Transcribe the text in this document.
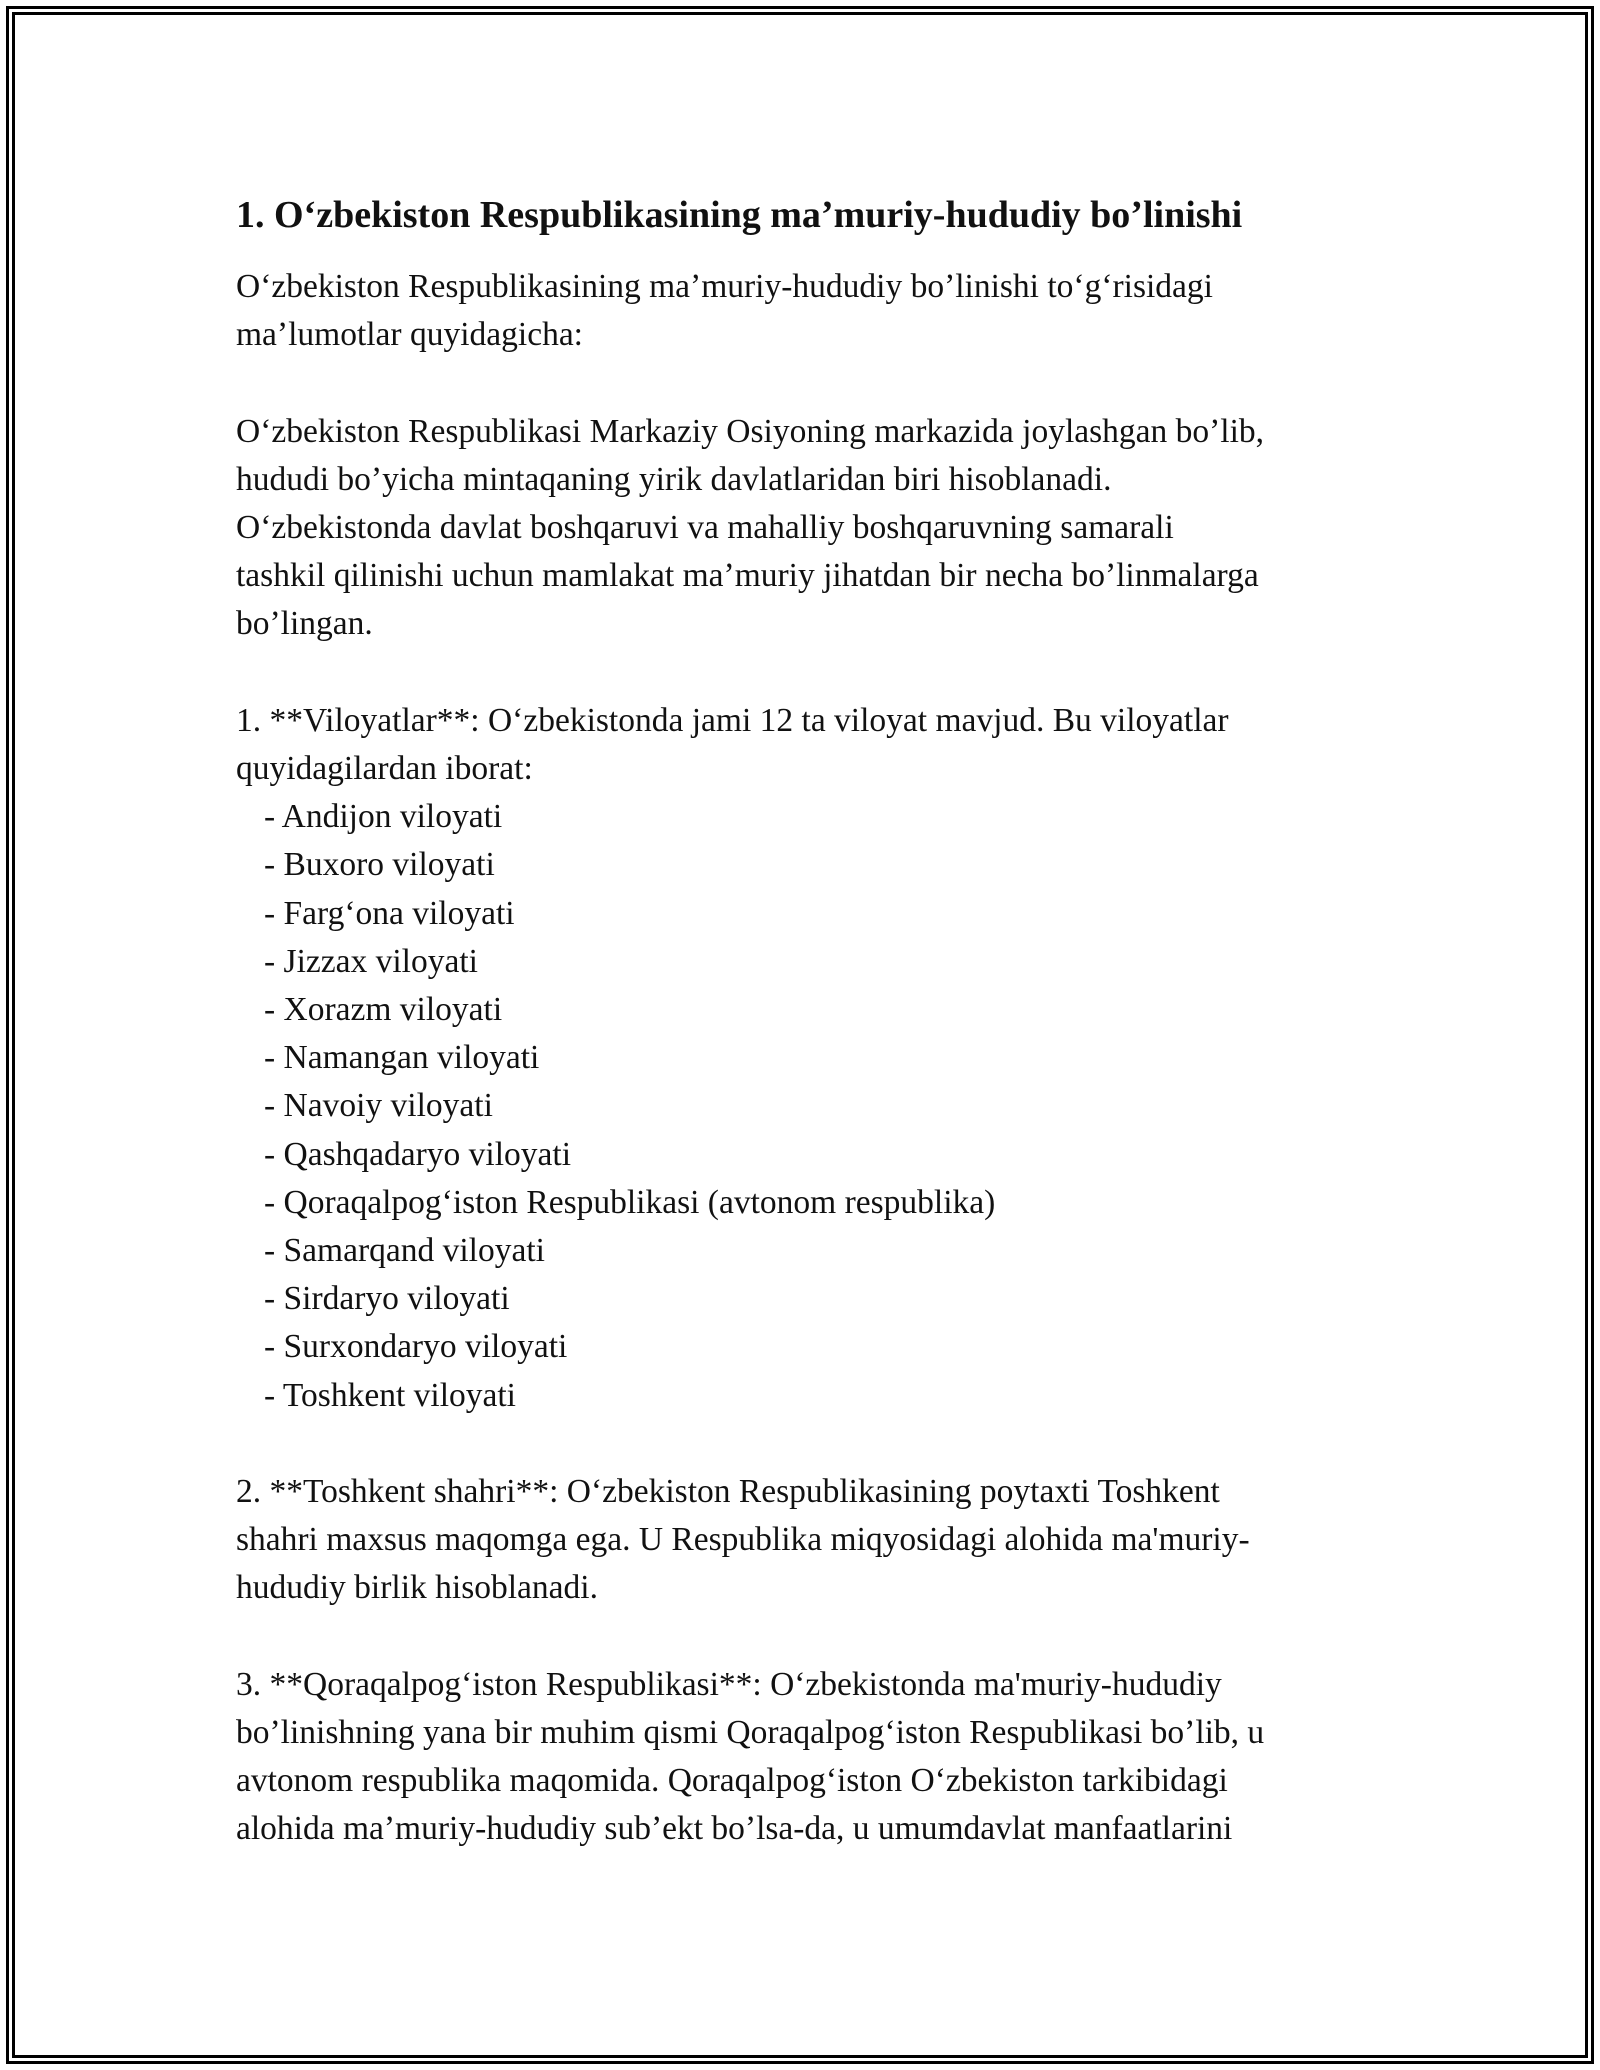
1. Oʻzbekiston Respublikasining maʼmuriy-hududiy boʼlinishi
Oʻzbekiston Respublikasining maʼmuriy-hududiy boʼlinishi toʻgʻrisidagi
maʼlumotlar quyidagicha:
Oʻzbekiston Respublikasi Markaziy Osiyoning markazida joylashgan boʼlib,
hududi boʼyicha mintaqaning yirik davlatlaridan biri hisoblanadi.
Oʻzbekistonda davlat boshqaruvi va mahalliy boshqaruvning samarali
tashkil qilinishi uchun mamlakat maʼmuriy jihatdan bir necha boʼlinmalarga
boʼlingan.
1. **Viloyatlar**: Oʻzbekistonda jami 12 ta viloyat mavjud. Bu viloyatlar
quyidagilardan iborat:
- Andijon viloyati
- Buxoro viloyati
- Fargʻona viloyati
- Jizzax viloyati
- Xorazm viloyati
- Namangan viloyati
- Navoiy viloyati
- Qashqadaryo viloyati
- Qoraqalpogʻiston Respublikasi (avtonom respublika)
- Samarqand viloyati
- Sirdaryo viloyati
- Surxondaryo viloyati
- Toshkent viloyati
2. **Toshkent shahri**: Oʻzbekiston Respublikasining poytaxti Toshkent
shahri maxsus maqomga ega. U Respublika miqyosidagi alohida ma'muriy-
hududiy birlik hisoblanadi.
3. **Qoraqalpogʻiston Respublikasi**: Oʻzbekistonda ma'muriy-hududiy
boʼlinishning yana bir muhim qismi Qoraqalpogʻiston Respublikasi boʼlib, u
avtonom respublika maqomida. Qoraqalpogʻiston Oʻzbekiston tarkibidagi
alohida maʼmuriy-hududiy subʼekt boʼlsa-da, u umumdavlat manfaatlarini
